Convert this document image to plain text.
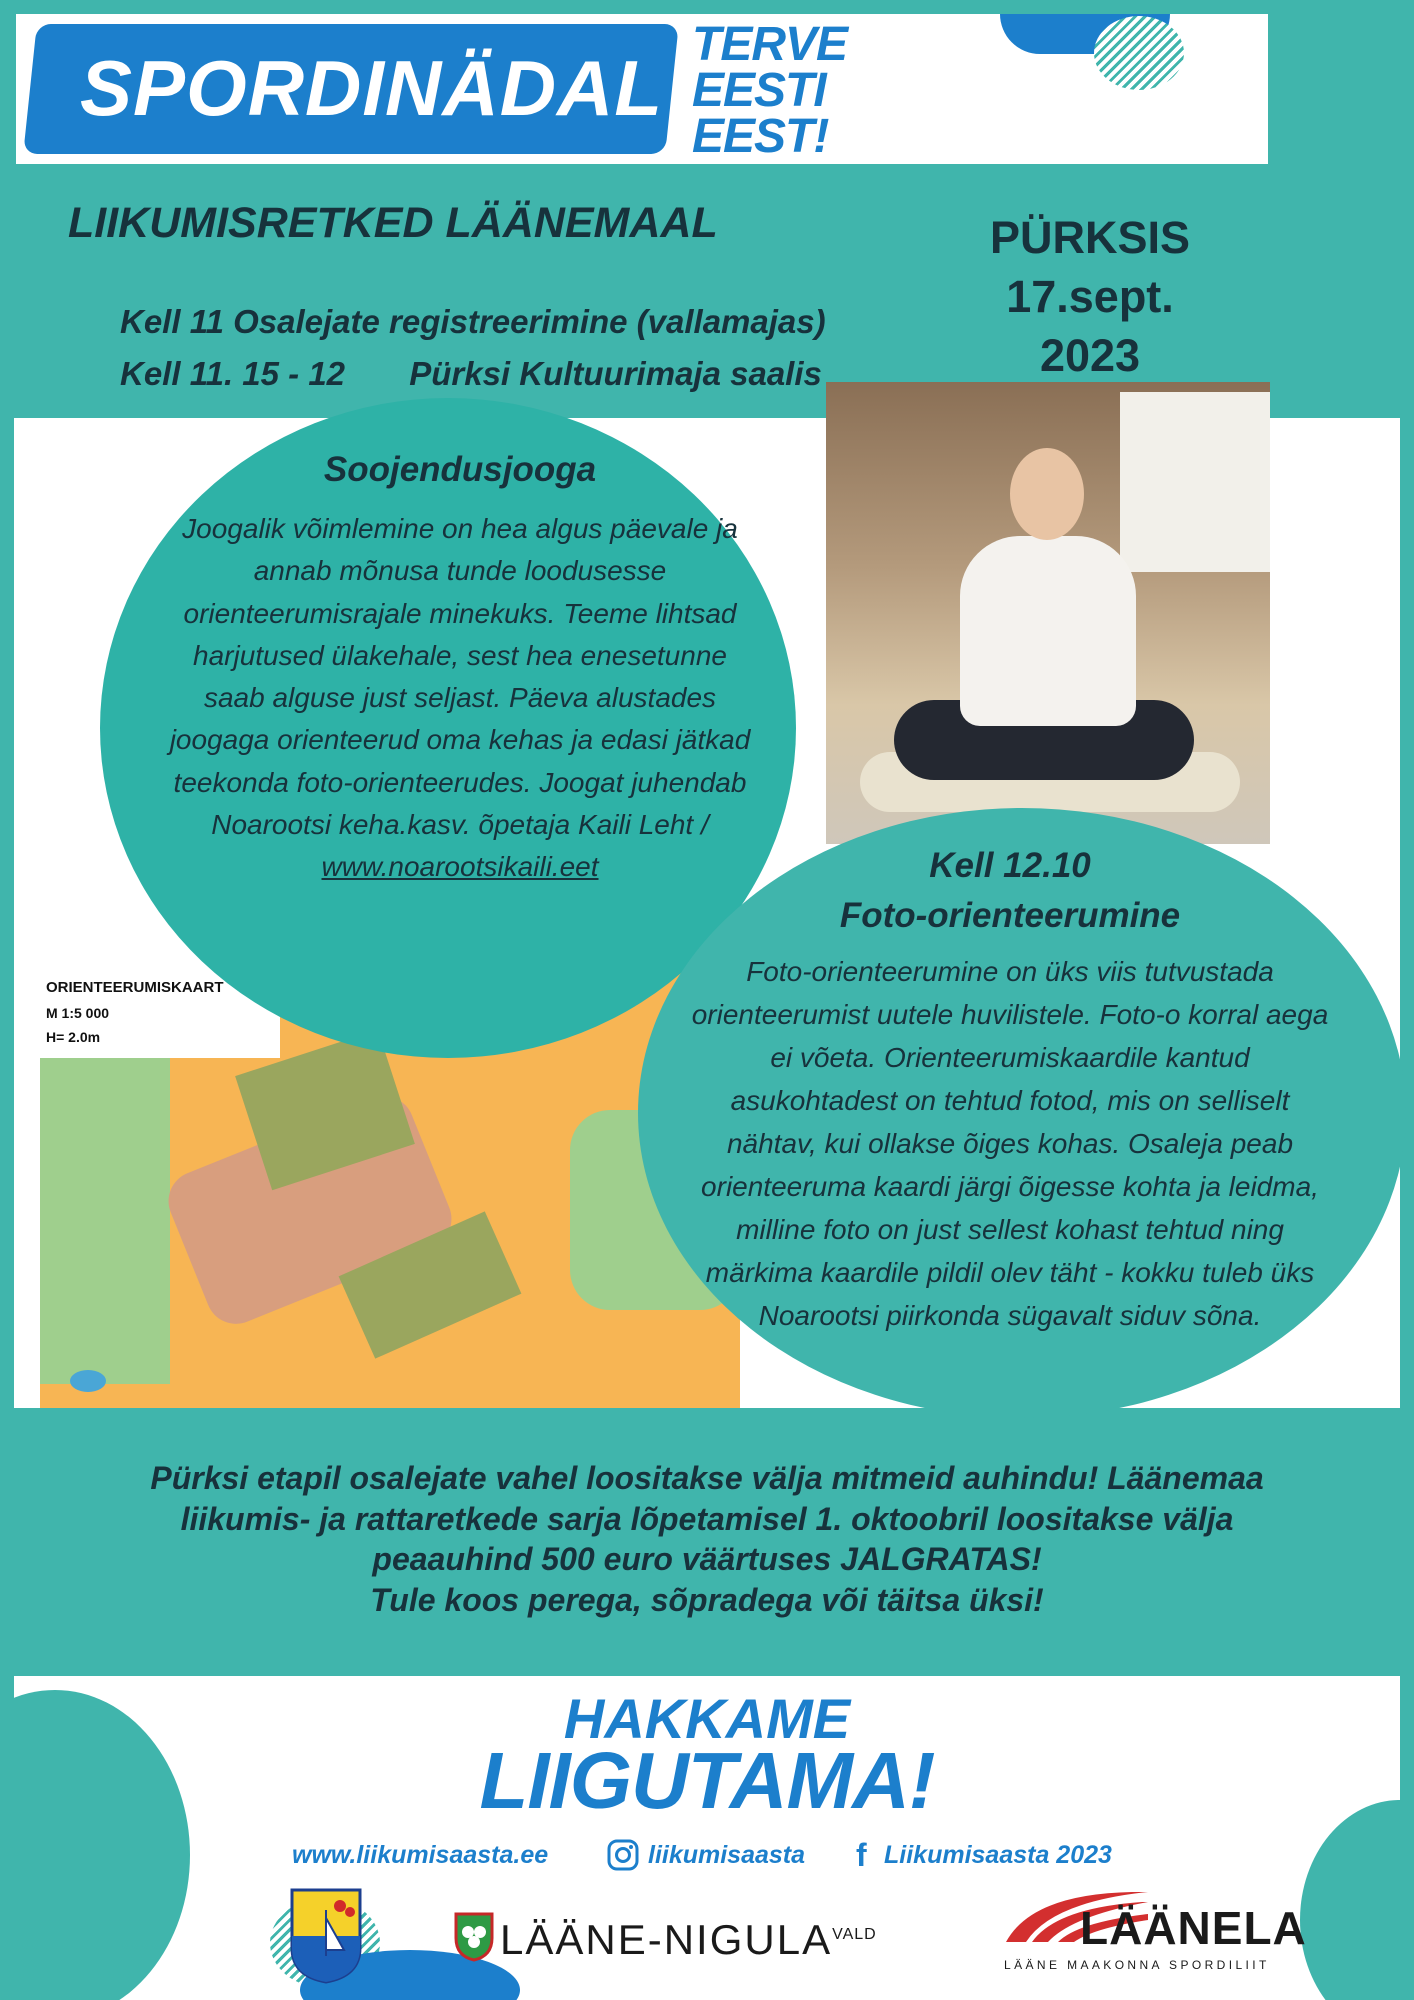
SPORDINÄDAL TERVE
EESTI
EEST!
LIIKUMISRETKED LÄÄNEMAAL	PÜRKSIS
17.sept.
2023
Kell 11 Osalejate registreerimine (vallamajas)
Kell 11. 15 - 12       Pürksi Kultuurimaja saalis
ORIENTEERUMISKAART
M 1:5 000
H= 2.0m
Soojendusjooga
Joogalik võimlemine on hea algus päevale ja annab mõnusa tunde loodusesse orienteerumisrajale minekuks. Teeme lihtsad harjutused ülakehale, sest hea enesetunne saab alguse just seljast. Päeva alustades joogaga orienteerud oma kehas ja edasi jätkad teekonda foto-orienteerudes. Joogat juhendab Noarootsi keha.kasv. õpetaja Kaili Leht / www.noarootsikaili.eet	Kell 12.10
Foto-orienteerumine
Foto-orienteerumine on üks viis tutvustada orienteerumist uutele huvilistele. Foto-o korral aega ei võeta. Orienteerumiskaardile kantud asukohtadest on tehtud fotod, mis on selliselt nähtav, kui ollakse õiges kohas. Osaleja peab orienteeruma kaardi järgi õigesse kohta ja leidma, milline foto on just sellest kohast tehtud ning märkima kaardile pildil olev täht - kokku tuleb üks Noarootsi piirkonda sügavalt siduv sõna.
Pürksi etapil osalejate vahel loositakse välja mitmeid auhindu! Läänemaa
liikumis- ja rattaretkede sarja lõpetamisel 1. oktoobril loositakse välja
peaauhind 500 euro väärtuses JALGRATAS!
Tule koos perega, sõpradega või täitsa üksi!
HAKKAME
LIIGUTAMA!
www.liikumisaasta.ee	liikumisaasta	f Liikumisaasta 2023
LÄÄNE-$NIGULA^{VALD}$	LÄÄNELA
LÄÄNE MAAKONNA SPORDILIIT
